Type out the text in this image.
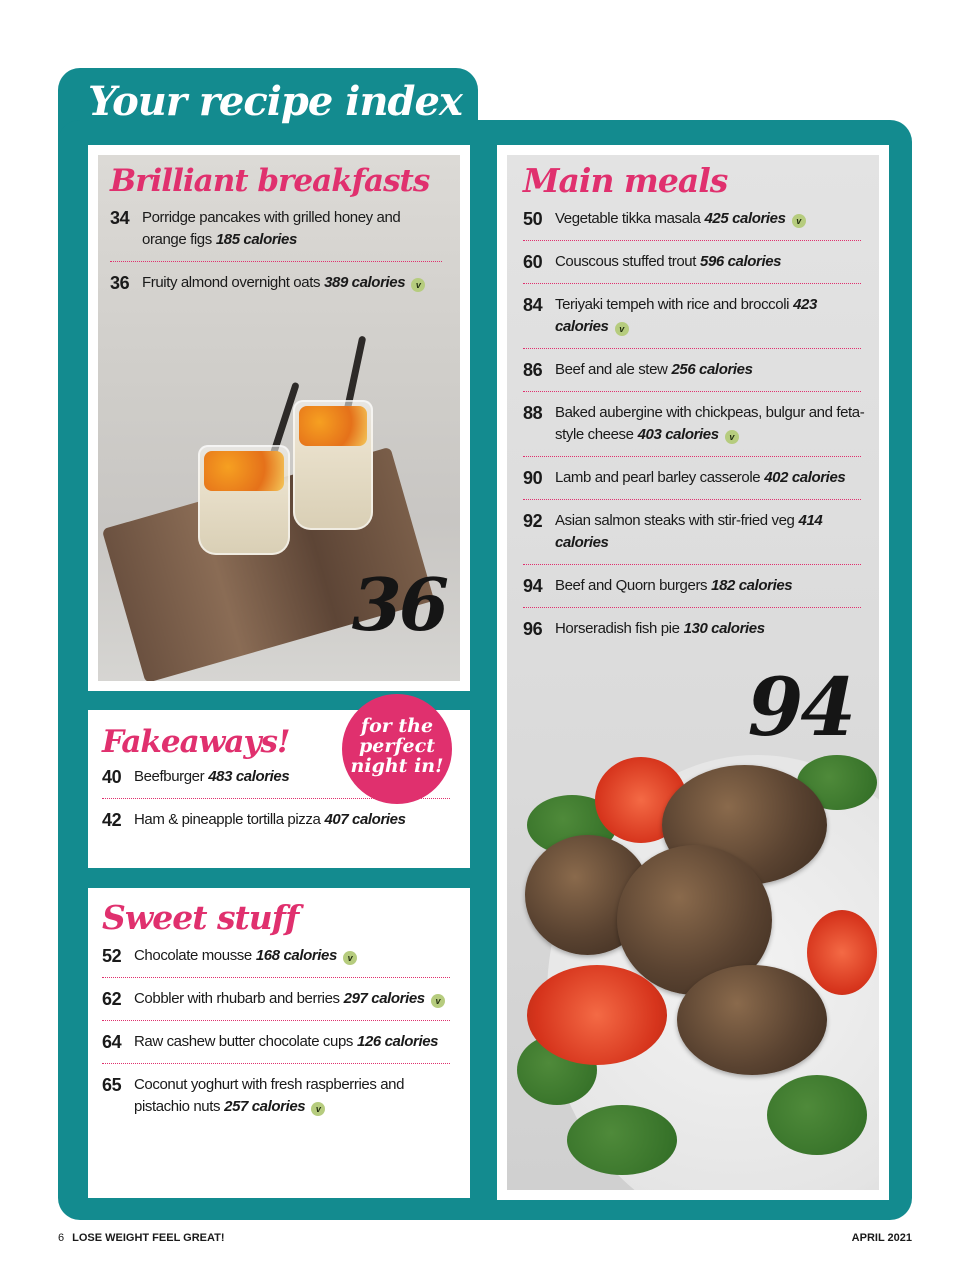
Your recipe index
36
Brilliant breakfasts
34 Porridge pancakes with grilled honey and orange figs 185 calories
36 Fruity almond overnight oats 389 calories v
94
Main meals
50 Vegetable tikka masala 425 calories v
60 Couscous stuffed trout 596 calories
84 Teriyaki tempeh with rice and broccoli 423 calories v
86 Beef and ale stew 256 calories
88 Baked aubergine with chickpeas, bulgur and feta-style cheese 403 calories v
90 Lamb and pearl barley casserole 402 calories
92 Asian salmon steaks with stir-fried veg 414 calories
94 Beef and Quorn burgers 182 calories
96 Horseradish fish pie 130 calories
Fakeaways!
40 Beefburger 483 calories
42 Ham & pineapple tortilla pizza 407 calories
for the
perfect
night in!
Sweet stuff
52 Chocolate mousse 168 calories v
62 Cobbler with rhubarb and berries 297 calories v
64 Raw cashew butter chocolate cups 126 calories
65 Coconut yoghurt with fresh raspberries and pistachio nuts 257 calories v
6 LOSE WEIGHT FEEL GREAT!	APRIL 2021
